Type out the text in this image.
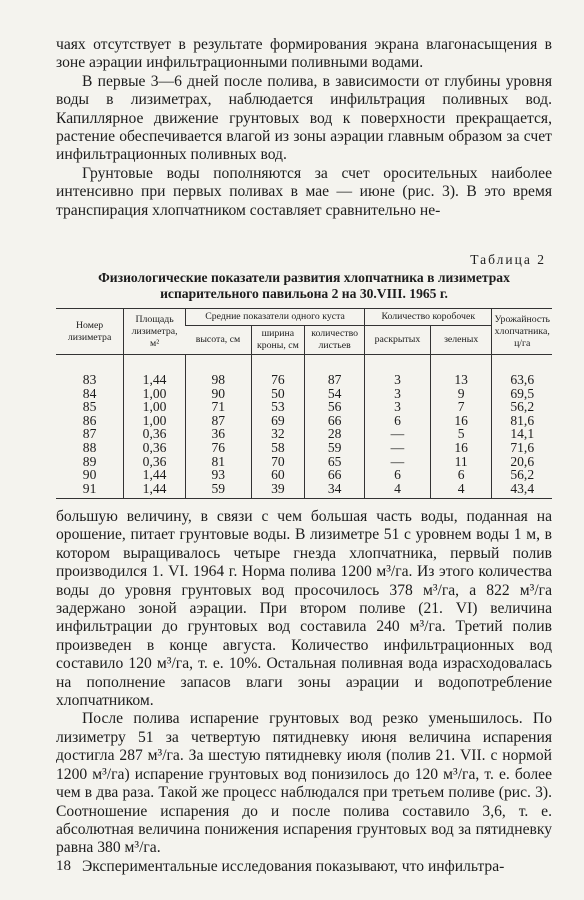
чаях отсутствует в результате формирования экрана влагонасыщения в зоне аэрации инфильтрационными поливными водами.

В первые 3—6 дней после полива, в зависимости от глубины уровня воды в лизиметрах, наблюдается инфильтрация поливных вод. Капиллярное движение грунтовых вод к поверхности прекращается, растение обеспечивается влагой из зоны аэрации главным образом за счет инфильтрационных поливных вод.

Грунтовые воды пополняются за счет оросительных наиболее интенсивно при первых поливах в мае — июне (рис. 3). В это время транспирация хлопчатником составляет сравнительно не-

Таблица 2
Физиологические показатели развития хлопчатника в лизиметрах испарительного павильона 2 на 30.VIII. 1965 г.
Номер лизиметра	Площадь лизиметра, м²	Средние показатели одного куста			Количество коробочек		Урожайность хлопчатника, ц/га
		высота, см	ширина кроны, см	количество листьев	раскрытых	зеленых	
83	1,44	98	76	87	3	13	63,6
84	1,00	90	50	54	3	9	69,5
85	1,00	71	53	56	3	7	56,2
86	1,00	87	69	66	6	16	81,6
87	0,36	36	32	28	—	5	14,1
88	0,36	76	58	59	—	16	71,6
89	0,36	81	70	65	—	11	20,6
90	1,44	93	60	66	6	6	56,2
91	1,44	59	39	34	4	4	43,4

большую величину, в связи с чем большая часть воды, поданная на орошение, питает грунтовые воды. В лизиметре 51 с уровнем воды 1 м, в котором выращивалось четыре гнезда хлопчатника, первый полив производился 1. VI. 1964 г. Норма полива 1200 м³/га. Из этого количества воды до уровня грунтовых вод просочилось 378 м³/га, а 822 м³/га задержано зоной аэрации. При втором поливе (21. VI) величина инфильтрации до грунтовых вод составила 240 м³/га. Третий полив произведен в конце августа. Количество инфильтрационных вод составило 120 м³/га, т. е. 10%. Остальная поливная вода израсходовалась на пополнение запасов влаги зоны аэрации и водопотребление хлопчатником.

После полива испарение грунтовых вод резко уменьшилось. По лизиметру 51 за четвертую пятидневку июня величина испарения достигла 287 м³/га. За шестую пятидневку июля (полив 21. VII. с нормой 1200 м³/га) испарение грунтовых вод понизилось до 120 м³/га, т. е. более чем в два раза. Такой же процесс наблюдался при третьем поливе (рис. 3). Соотношение испарения до и после полива составило 3,6, т. е. абсолютная величина понижения испарения грунтовых вод за пятидневку равна 380 м³/га.

Экспериментальные исследования показывают, что инфильтра-

18
